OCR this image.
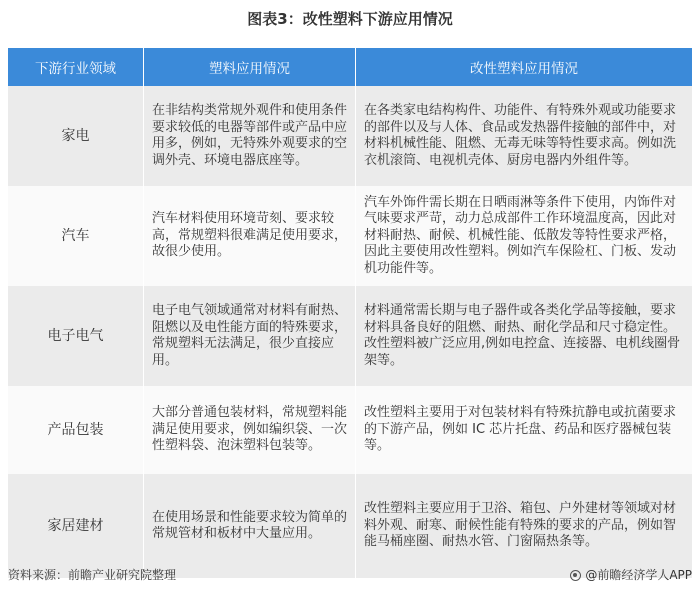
图表3：改性塑料下游应用情况
下游行业领域	塑料应用情况	改性塑料应用情况
家电	在非结构类常规外观件和使用条件要求较低的电器等部件或产品中应用多，例如，无特殊外观要求的空调外壳、环境电器底座等。	在各类家电结构构件、功能件、有特殊外观或功能要求的部件以及与人体、食品或发热器件接触的部件中，对材料机械性能、阻燃、无毒无味等特性要求高。例如洗衣机滚筒、电视机壳体、厨房电器内外组件等。
汽车	汽车材料使用环境苛刻、要求较高，常规塑料很难满足使用要求，故很少使用。	汽车外饰件需长期在日晒雨淋等条件下使用，内饰件对气味要求严苛，动力总成部件工作环境温度高，因此对材料耐热、耐候、机械性能、低散发等特性要求严格，因此主要使用改性塑料。例如汽车保险杠、门板、发动机功能件等。
电子电气	电子电气领域通常对材料有耐热、阻燃以及电性能方面的特殊要求，常规塑料无法满足，很少直接应用。	材料通常需长期与电子器件或各类化学品等接触，要求材料具备良好的阻燃、耐热、耐化学品和尺寸稳定性。改性塑料被广泛应用,例如电控盒、连接器、电机线圈骨架等。
产品包装	大部分普通包装材料，常规塑料能满足使用要求，例如编织袋、一次性塑料袋、泡沫塑料包装等。	改性塑料主要用于对包装材料有特殊抗静电或抗菌要求的下游产品，例如 IC 芯片托盘、药品和医疗器械包装等。
家居建材	在使用场景和性能要求较为简单的常规管材和板材中大量应用。	改性塑料主要应用于卫浴、箱包、户外建材等领域对材料外观、耐寒、耐候性能有特殊的要求的产品，例如智能马桶座圈、耐热水管、门窗隔热条等。
资料来源：前瞻产业研究院整理	@前瞻经济学人APP
